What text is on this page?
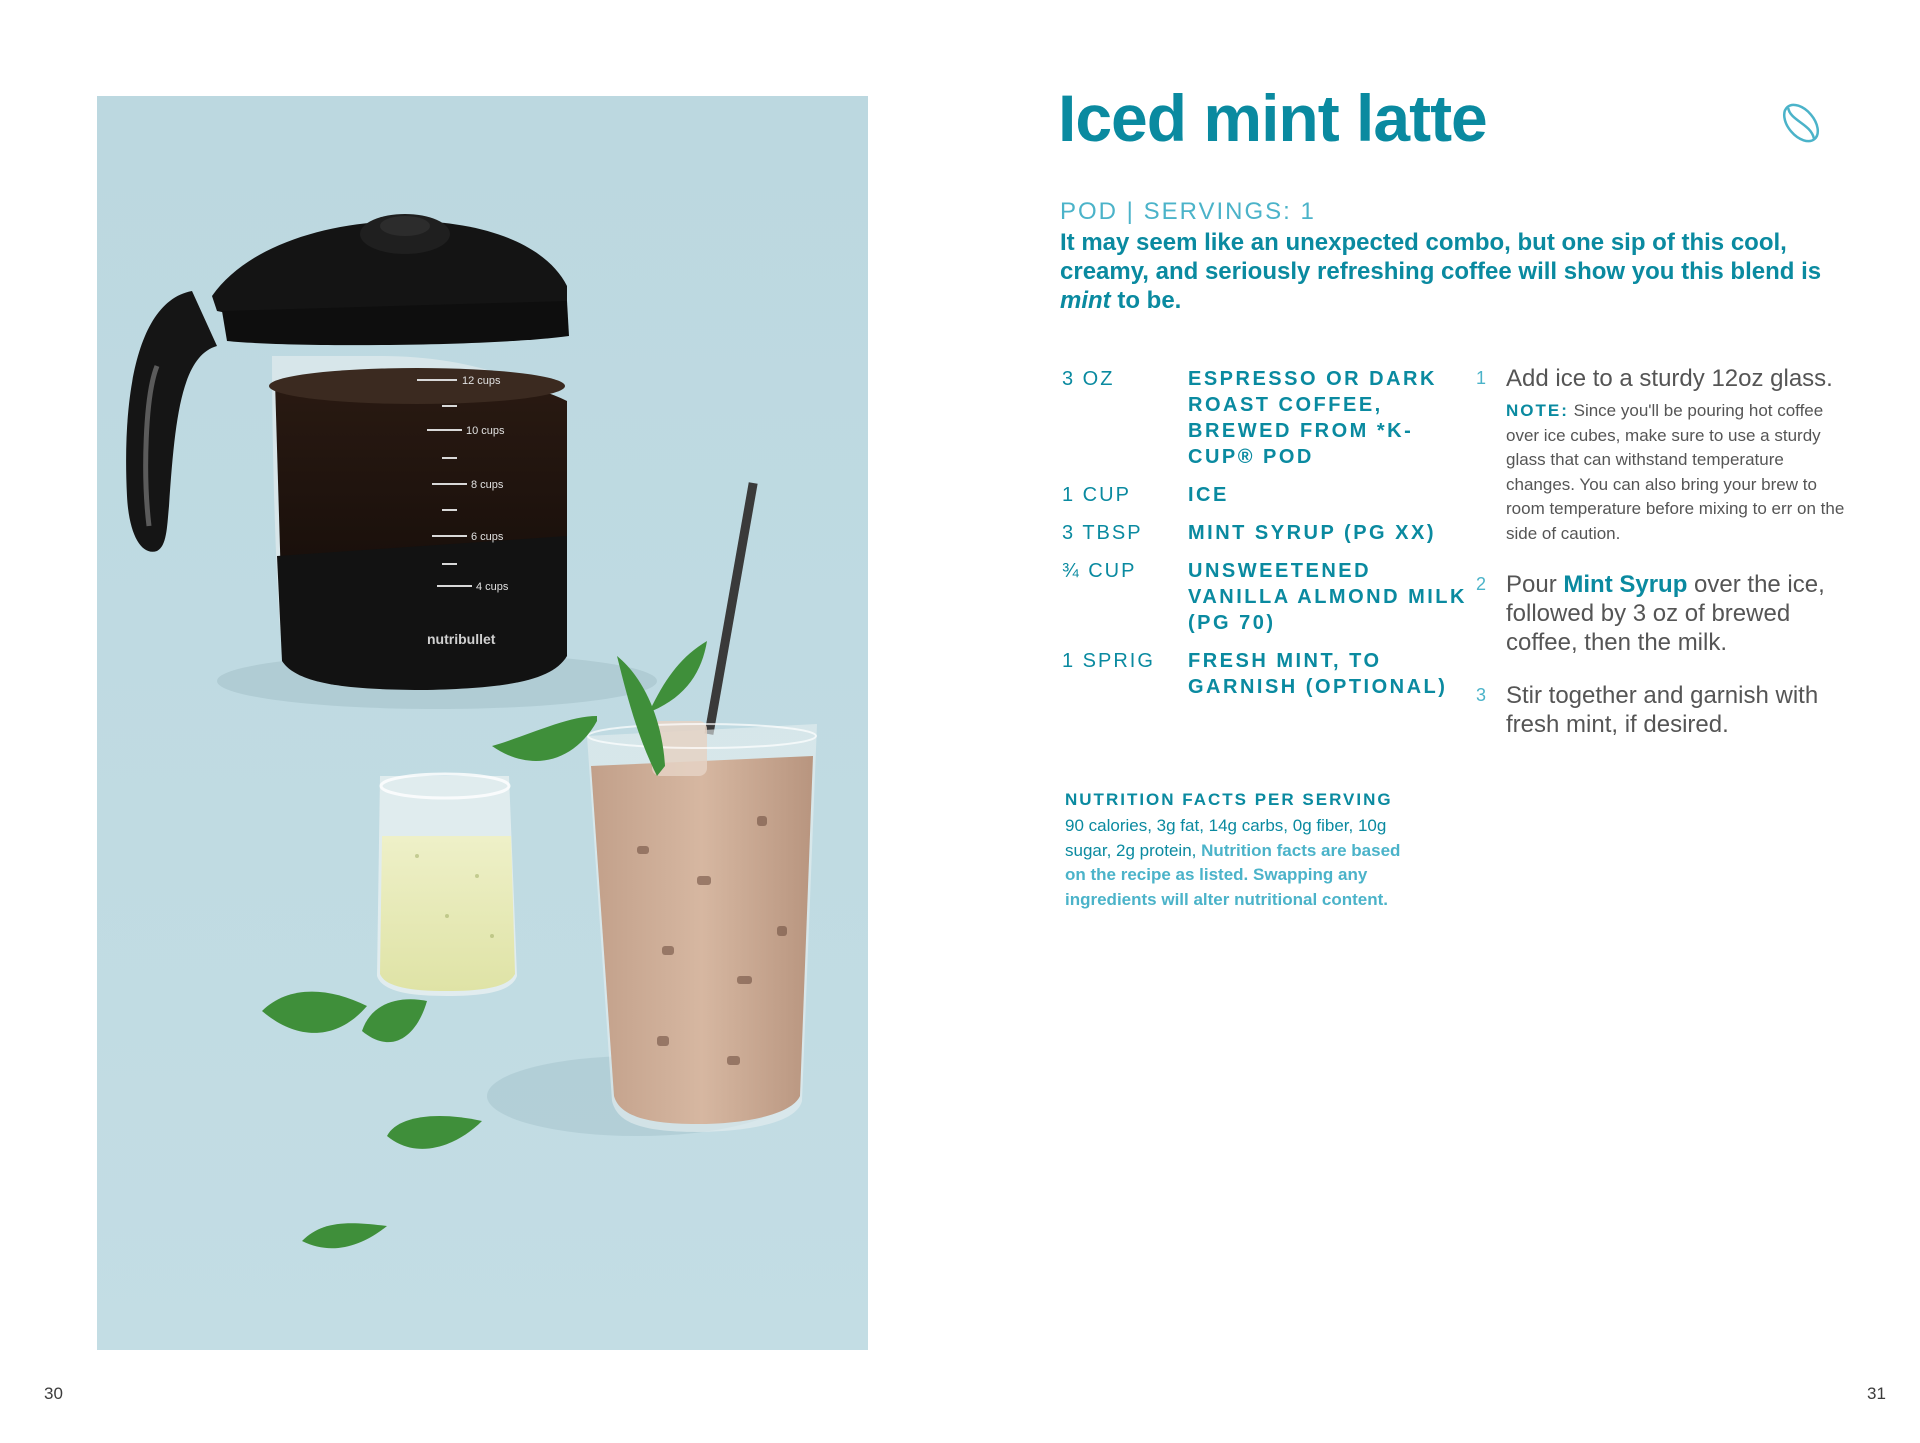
12 cups
10 cups
8 cups
6 cups
4 cups
nutribullet
30
Iced mint latte
POD | SERVINGS: 1
It may seem like an unexpected combo, but one sip of this cool, creamy, and seriously refreshing coffee will show you this blend is mint to be.
3 OZ	ESPRESSO OR DARK ROAST COFFEE, BREWED FROM *K-CUP® POD
1 CUP	ICE
3 TBSP	MINT SYRUP (PG XX)
¾ CUP	UNSWEETENED VANILLA ALMOND MILK (PG 70)
1 SPRIG	FRESH MINT, TO GARNISH (OPTIONAL)
1 Add ice to a sturdy 12oz glass.
NOTE: Since you'll be pouring hot coffee over ice cubes, make sure to use a sturdy glass that can withstand temperature changes. You can also bring your brew to room temperature before mixing to err on the side of caution.
2 Pour Mint Syrup over the ice, followed by 3 oz of brewed coffee, then the milk.
3 Stir together and garnish with fresh mint, if desired.
NUTRITION FACTS PER SERVING
90 calories, 3g fat, 14g carbs, 0g fiber, 10g sugar, 2g protein, Nutrition facts are based on the recipe as listed. Swapping any ingredients will alter nutritional content.
31
